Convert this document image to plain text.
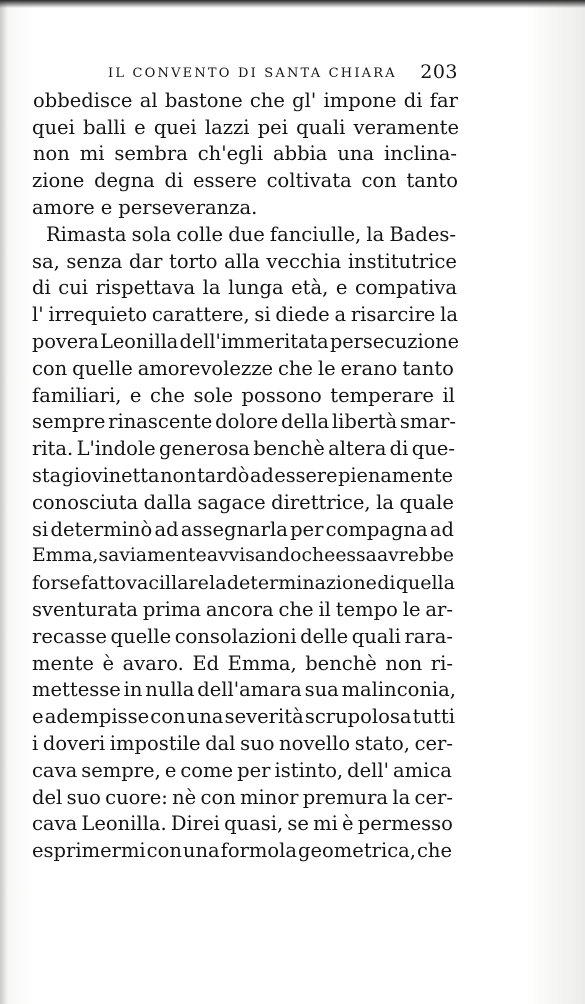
IL CONVENTO DI SANTA CHIARA 203
obbedisce al bastone che gl' impone di far
quei balli e quei lazzi pei quali veramente
non mi sembra ch'egli abbia una inclina-
zione degna di essere coltivata con tanto
amore e perseveranza.
Rimasta sola colle due fanciulle, la Bades-
sa, senza dar torto alla vecchia institutrice
di cui rispettava la lunga età, e compativa
l' irrequieto carattere, si diede a risarcire la
povera Leonilla dell'immeritata persecuzione
con quelle amorevolezze che le erano tanto
familiari, e che sole possono temperare il
sempre rinascente dolore della libertà smar-
rita. L'indole generosa benchè altera di que-
sta giovinetta non tardò ad essere pienamente
conosciuta dalla sagace direttrice, la quale
si determinò ad assegnarla per compagna ad
Emma, saviamente avvisando che essa avrebbe
forse fatto vacillare la determinazione di quella
sventurata prima ancora che il tempo le ar-
recasse quelle consolazioni delle quali rara-
mente è avaro. Ed Emma, benchè non ri-
mettesse in nulla dell'amara sua malinconia,
e adempisse con una severità scrupolosa tutti
i doveri impostile dal suo novello stato, cer-
cava sempre, e come per istinto, dell' amica
del suo cuore: nè con minor premura la cer-
cava Leonilla. Direi quasi, se mi è permesso
esprimermi con una formola geometrica, che
